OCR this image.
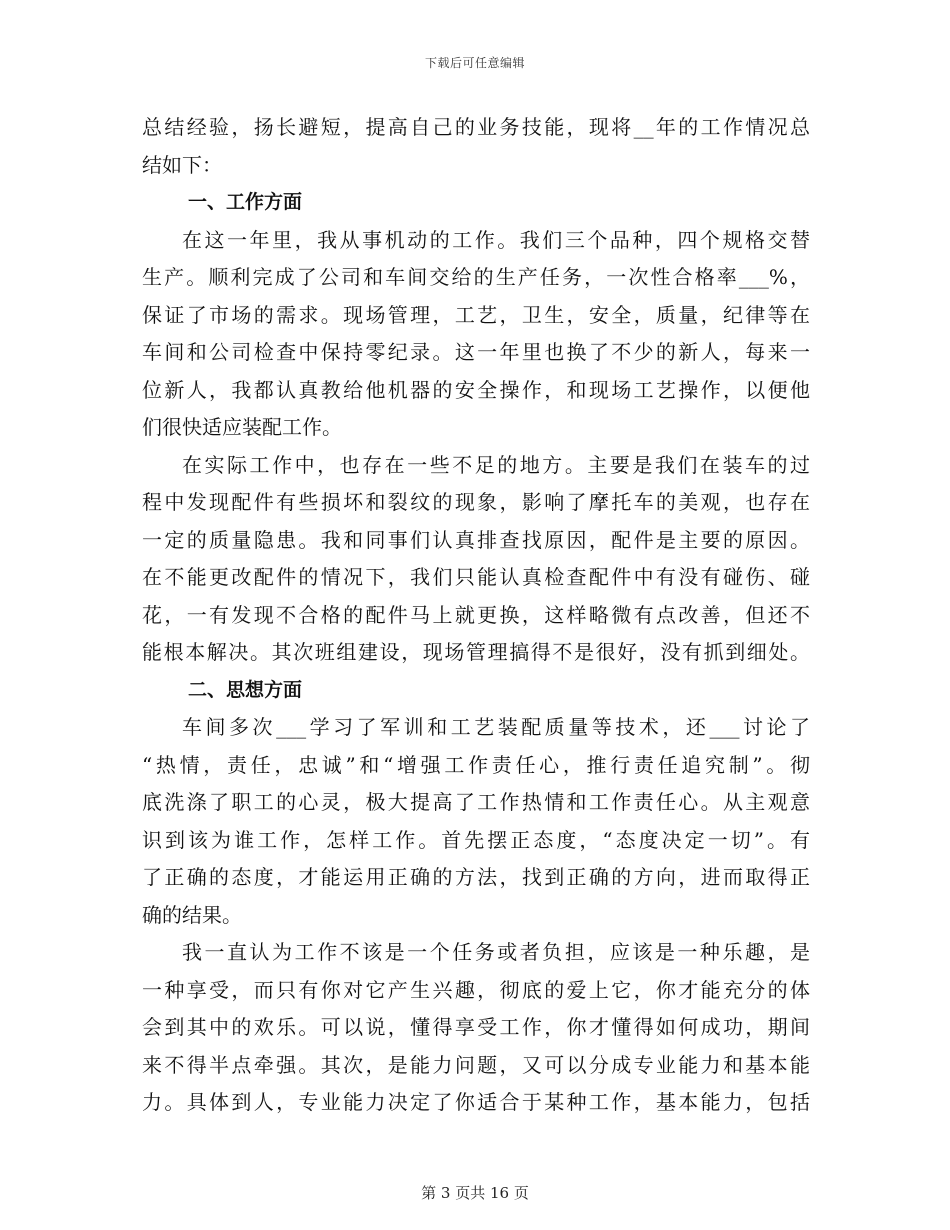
下载后可任意编辑
总结经验，扬长避短，提高自己的业务技能，现将__年的工作情况总
结如下：
一、工作方面
在这一年里，我从事机动的工作。我们三个品种，四个规格交替
生产。顺利完成了公司和车间交给的生产任务，一次性合格率___%，
保证了市场的需求。现场管理，工艺，卫生，安全，质量，纪律等在
车间和公司检查中保持零纪录。这一年里也换了不少的新人，每来一
位新人，我都认真教给他机器的安全操作，和现场工艺操作，以便他
们很快适应装配工作。
在实际工作中，也存在一些不足的地方。主要是我们在装车的过
程中发现配件有些损坏和裂纹的现象，影响了摩托车的美观，也存在
一定的质量隐患。我和同事们认真排查找原因，配件是主要的原因。
在不能更改配件的情况下，我们只能认真检查配件中有没有碰伤、碰
花，一有发现不合格的配件马上就更换，这样略微有点改善，但还不
能根本解决。其次班组建设，现场管理搞得不是很好，没有抓到细处。
二、思想方面
车间多次___学习了军训和工艺装配质量等技术，还___讨论了
“热情，责任，忠诚”和“增强工作责任心，推行责任追究制”。彻
底洗涤了职工的心灵，极大提高了工作热情和工作责任心。从主观意
识到该为谁工作，怎样工作。首先摆正态度，“态度决定一切”。有
了正确的态度，才能运用正确的方法，找到正确的方向，进而取得正
确的结果。
我一直认为工作不该是一个任务或者负担，应该是一种乐趣，是
一种享受，而只有你对它产生兴趣，彻底的爱上它，你才能充分的体
会到其中的欢乐。可以说，懂得享受工作，你才懂得如何成功，期间
来不得半点牵强。其次，是能力问题，又可以分成专业能力和基本能
力。具体到人，专业能力决定了你适合于某种工作，基本能力，包括
第 3 页共 16 页
